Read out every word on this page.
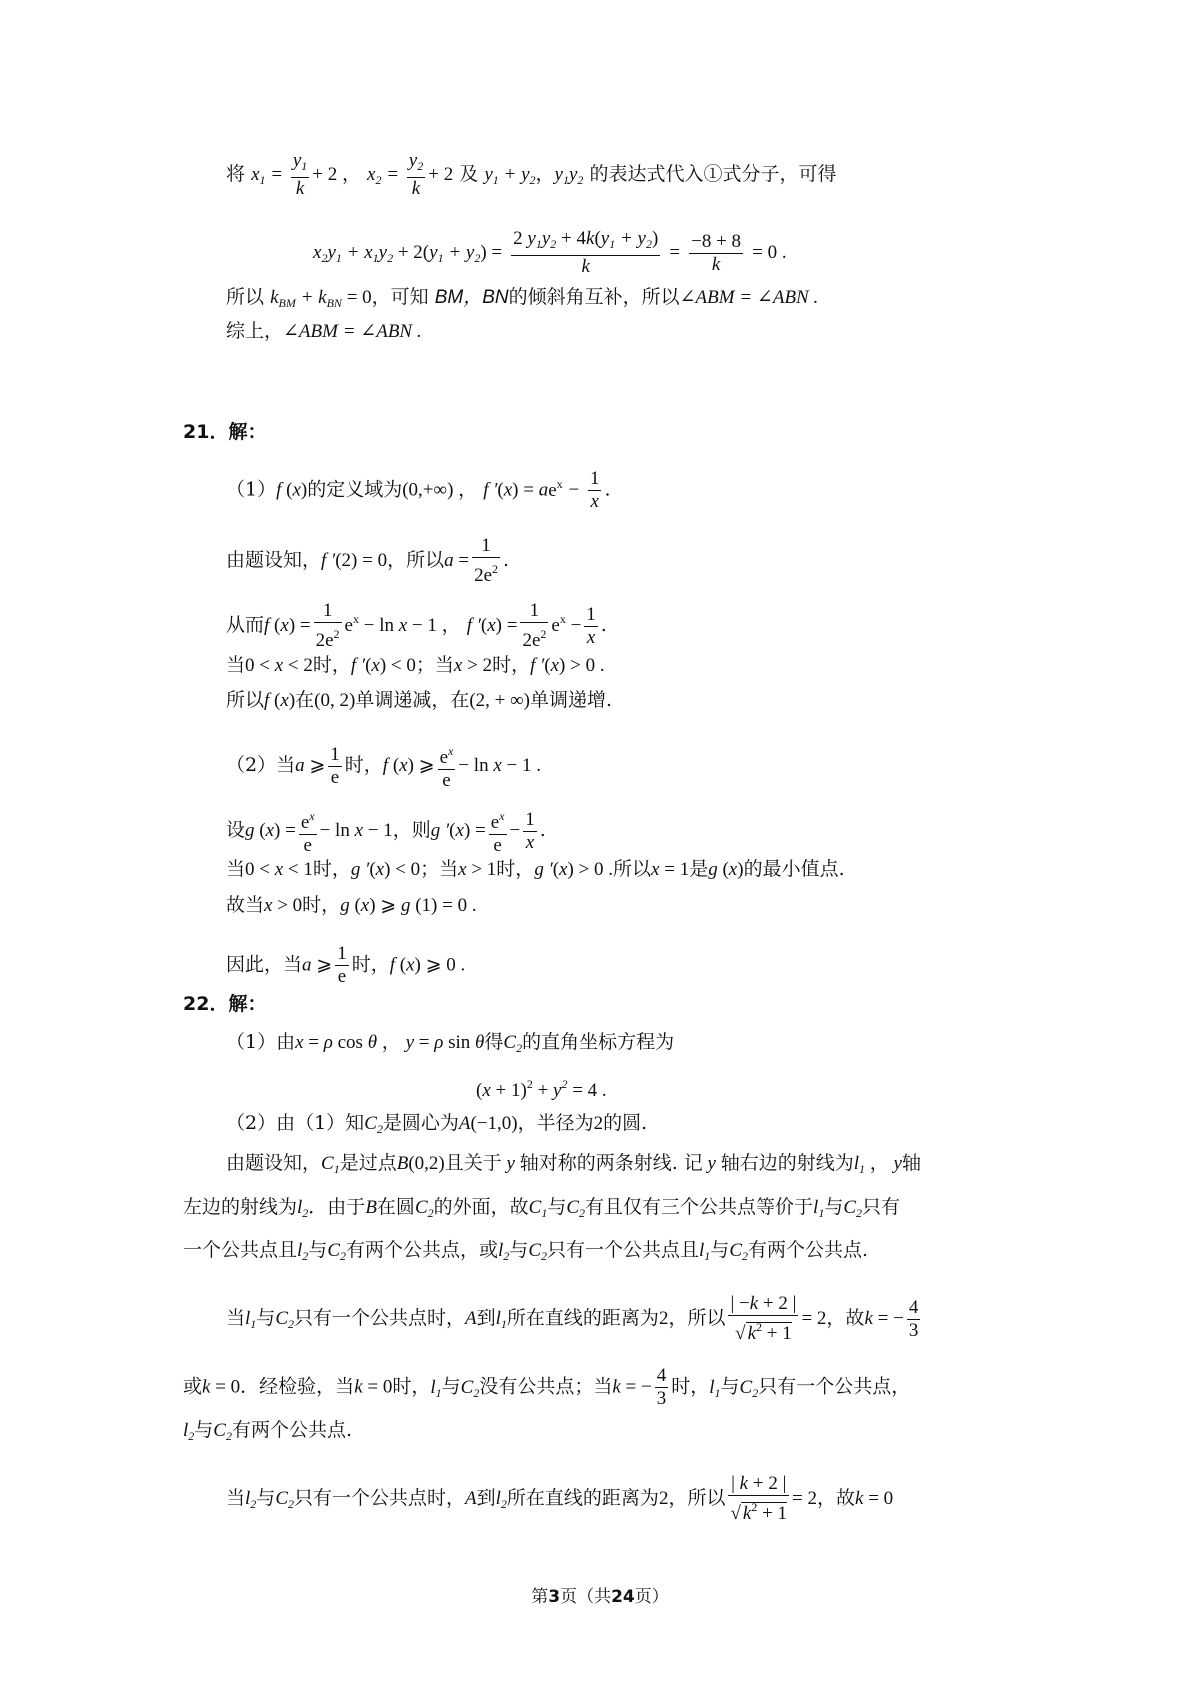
将 $x_1 = \frac{y_1}{k} + 2$ ， $x_2 = \frac{y_2}{k} + 2$ 及 $y_1 + y_2$，$y_1y_2$ 的表达式代入①式分子，可得
$x_2y_1 + x_1y_2 + 2(y_1 + y_2) = \frac{2 y_1y_2 + 4k(y_1 + y_2)}{k} = \frac{-8 + 8}{k} = 0$ .
所以 $k_{BM} + k_{BN} = 0$，可知 BM，BN的倾斜角互补，所以∠ABM = ∠ABN .
综上，∠ABM = ∠ABN .
21．解：
（1）f (x)的定义域为(0,+∞) ， f $'(x) = ae^x - \frac{1}{x}$ .
由题设知，f ′(2) = 0，所以$a = \frac{1}{2e^2}$ .
从而f $(x) = \frac{1}{2e^2} e^x - \ln x - 1$ ， f $'(x) = \frac{1}{2e^2} e^x - \frac{1}{x}$ .
当0 < x < 2时，f ′(x) < 0；当x > 2时，f ′(x) > 0 .
所以f (x)在(0, 2)单调递减，在(2, + ∞)单调递增.
（2）当a ⩾ $\frac{1}{e}$ 时，f (x) ⩾ $\frac{e^x}{e} - \ln x - 1$ .
设g $(x) = \frac{e^x}{e} - \ln x - 1$，则g $'(x) = \frac{e^x}{e} - \frac{1}{x}$ .
当0 < x < 1时，g ′(x) < 0；当x > 1时，g ′(x) > 0 .所以x = 1是g (x)的最小值点.
故当x > 0时，g (x) ⩾ g (1) = 0 .
因此，当a ⩾ $\frac{1}{e}$ 时，f (x) ⩾ 0 .
22．解：
（1）由x = ρ cos θ ， y = ρ sin θ得$C_2$的直角坐标方程为
$(x + 1)^2 + y^2 = 4$ .
（2）由（1）知$C_2$是圆心为A(−1,0)，半径为2的圆.
由题设知，$C_1$是过点B(0,2)且关于 y 轴对称的两条射线. 记 y 轴右边的射线为$l_1$ ， y轴
左边的射线为$l_2$．由于B在圆$C_2$的外面，故$C_1$与$C_2$有且仅有三个公共点等价于$l_1$与$C_2$只有
一个公共点且$l_2$与$C_2$有两个公共点，或$l_2$与$C_2$只有一个公共点且$l_1$与$C_2$有两个公共点.
当$l_1$与$C_2$只有一个公共点时，A到$l_1$所在直线的距离为2，所以 $\frac{| -k + 2 |}{√ k^2 + 1} = 2$，故k = − $\frac{4}{3}$
或k = 0．经检验，当k = 0时，$l_1$与$C_2$没有公共点；当k = − $\frac{4}{3}$ 时，$l_1$与$C_2$只有一个公共点，
$l_2$与$C_2$有两个公共点.
当$l_2$与$C_2$只有一个公共点时，A到$l_2$所在直线的距离为2，所以 $\frac{| k + 2 |}{√ k^2 + 1} = 2$，故k = 0
第3页（共24页）
